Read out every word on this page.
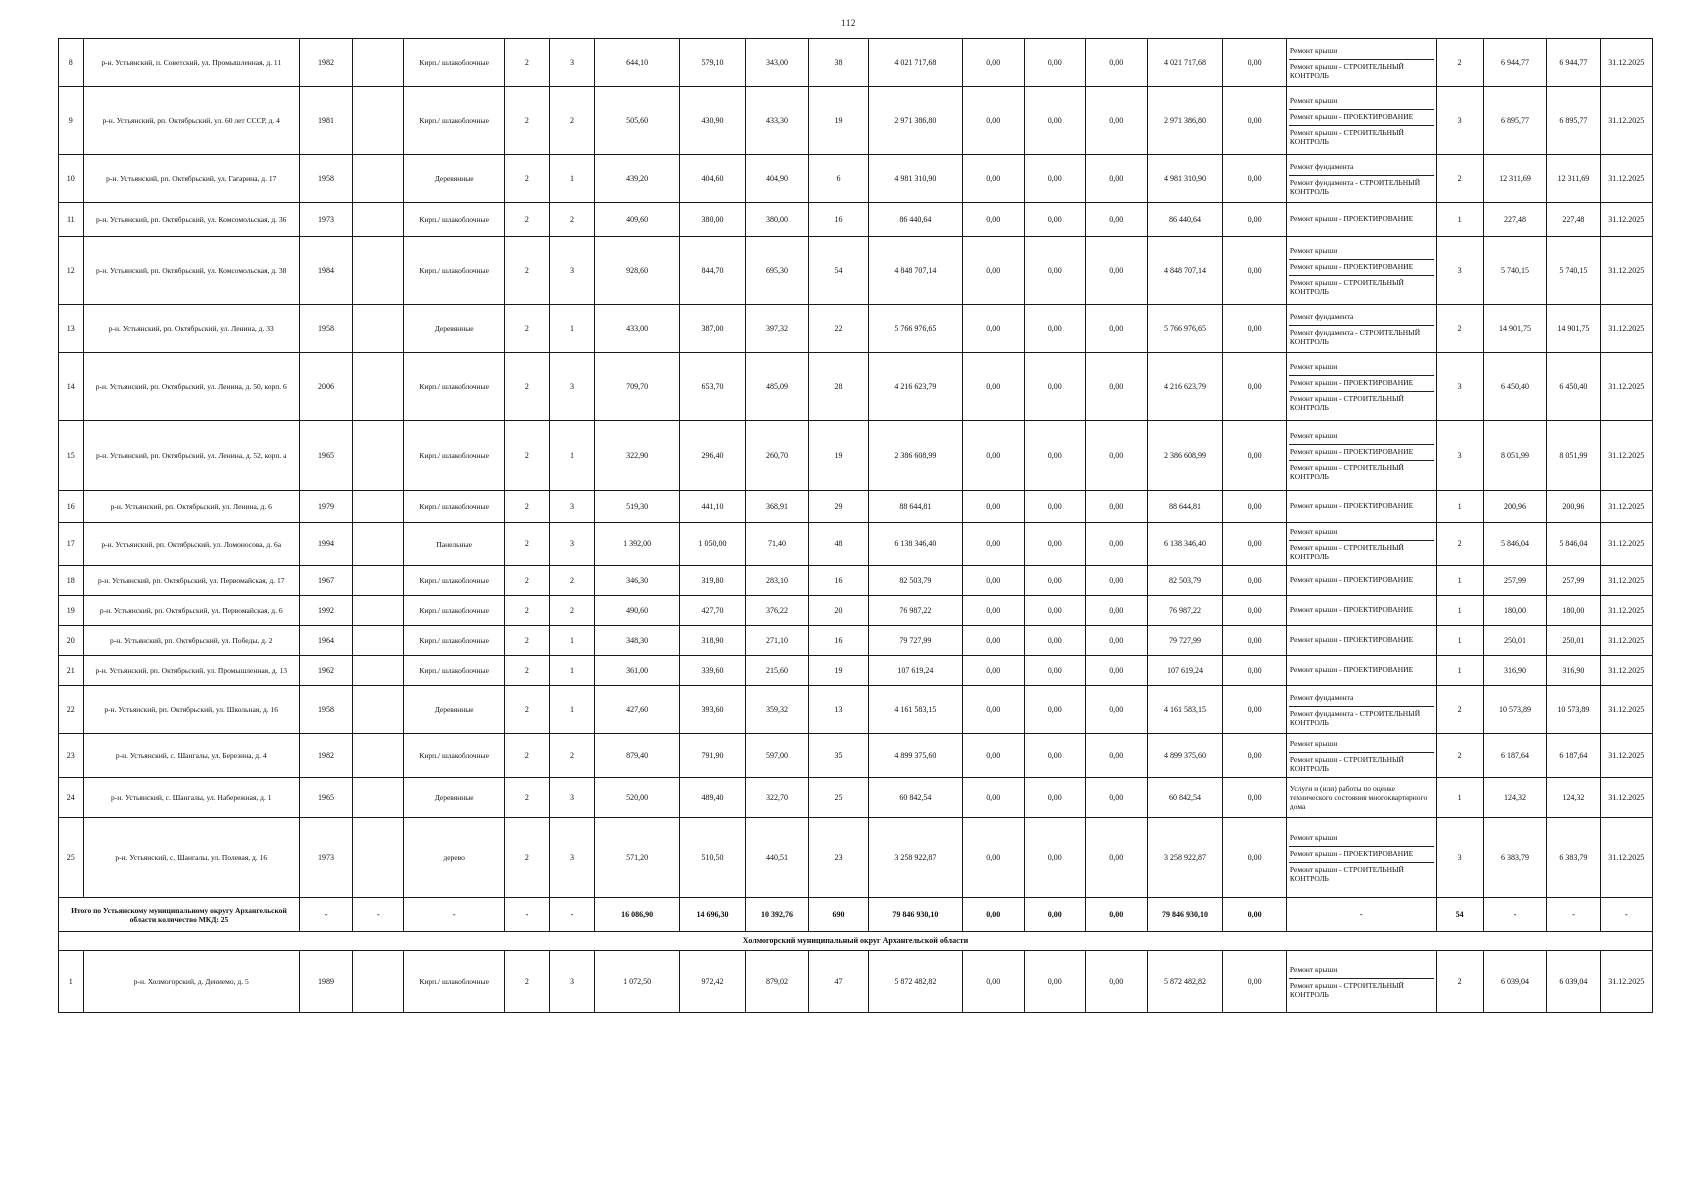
112
8	р-н. Устьянский, п. Советский, ул. Промышленная, д. 11	1982		Кирп./ шлакоблочные	2	3	644,10	579,10	343,00	38	4 021 717,68	0,00	0,00	0,00	4 021 717,68	0,00	Ремонт крыши
Ремонт крыши - СТРОИТЕЛЬНЫЙ КОНТРОЛЬ	2	6 944,77	6 944,77	31.12.2025
9	р-н. Устьянский, рп. Октябрьский, ул. 60 лет СССР, д. 4	1981		Кирп./ шлакоблочные	2	2	505,60	430,90	433,30	19	2 971 386,80	0,00	0,00	0,00	2 971 386,80	0,00	Ремонт крыши
Ремонт крыши - ПРОЕКТИРОВАНИЕ
Ремонт крыши - СТРОИТЕЛЬНЫЙ КОНТРОЛЬ	3	6 895,77	6 895,77	31.12.2025
10	р-н. Устьянский, рп. Октябрьский, ул. Гагарина, д. 17	1958		Деревянные	2	1	439,20	404,60	404,90	6	4 981 310,90	0,00	0,00	0,00	4 981 310,90	0,00	Ремонт фундамента
Ремонт фундамента - СТРОИТЕЛЬНЫЙ КОНТРОЛЬ	2	12 311,69	12 311,69	31.12.2025
11	р-н. Устьянский, рп. Октябрьский, ул. Комсомольская, д. 36	1973		Кирп./ шлакоблочные	2	2	409,60	380,00	380,00	16	86 440,64	0,00	0,00	0,00	86 440,64	0,00	Ремонт крыши - ПРОЕКТИРОВАНИЕ	1	227,48	227,48	31.12.2025
12	р-н. Устьянский, рп. Октябрьский, ул. Комсомольская, д. 38	1984		Кирп./ шлакоблочные	2	3	928,60	844,70	695,30	54	4 848 707,14	0,00	0,00	0,00	4 848 707,14	0,00	Ремонт крыши
Ремонт крыши - ПРОЕКТИРОВАНИЕ
Ремонт крыши - СТРОИТЕЛЬНЫЙ КОНТРОЛЬ	3	5 740,15	5 740,15	31.12.2025
13	р-н. Устьянский, рп. Октябрьский, ул. Ленина, д. 33	1958		Деревянные	2	1	433,00	387,00	397,32	22	5 766 976,65	0,00	0,00	0,00	5 766 976,65	0,00	Ремонт фундамента
Ремонт фундамента - СТРОИТЕЛЬНЫЙ КОНТРОЛЬ	2	14 901,75	14 901,75	31.12.2025
14	р-н. Устьянский, рп. Октябрьский, ул. Ленина, д. 50, корп. 6	2006		Кирп./ шлакоблочные	2	3	709,70	653,70	485,09	28	4 216 623,79	0,00	0,00	0,00	4 216 623,79	0,00	Ремонт крыши
Ремонт крыши - ПРОЕКТИРОВАНИЕ
Ремонт крыши - СТРОИТЕЛЬНЫЙ КОНТРОЛЬ	3	6 450,40	6 450,40	31.12.2025
15	р-н. Устьянский, рп. Октябрьский, ул. Ленина, д. 52, корп. а	1965		Кирп./ шлакоблочные	2	1	322,90	296,40	260,70	19	2 386 608,99	0,00	0,00	0,00	2 386 608,99	0,00	Ремонт крыши
Ремонт крыши - ПРОЕКТИРОВАНИЕ
Ремонт крыши - СТРОИТЕЛЬНЫЙ КОНТРОЛЬ	3	8 051,99	8 051,99	31.12.2025
16	р-н. Устьянский, рп. Октябрьский, ул. Ленина, д. 6	1979		Кирп./ шлакоблочные	2	3	519,30	441,10	368,91	29	88 644,81	0,00	0,00	0,00	88 644,81	0,00	Ремонт крыши - ПРОЕКТИРОВАНИЕ	1	200,96	200,96	31.12.2025
17	р-н. Устьянский, рп. Октябрьский, ул. Ломоносова, д. 6а	1994		Панельные	2	3	1 392,00	1 050,00	71,40	48	6 138 346,40	0,00	0,00	0,00	6 138 346,40	0,00	Ремонт крыши
Ремонт крыши - СТРОИТЕЛЬНЫЙ КОНТРОЛЬ	2	5 846,04	5 846,04	31.12.2025
18	р-н. Устьянский, рп. Октябрьский, ул. Первомайская, д. 17	1967		Кирп./ шлакоблочные	2	2	346,30	319,80	283,10	16	82 503,79	0,00	0,00	0,00	82 503,79	0,00	Ремонт крыши - ПРОЕКТИРОВАНИЕ	1	257,99	257,99	31.12.2025
19	р-н. Устьянский, рп. Октябрьский, ул. Первомайская, д. 6	1992		Кирп./ шлакоблочные	2	2	490,60	427,70	376,22	20	76 987,22	0,00	0,00	0,00	76 987,22	0,00	Ремонт крыши - ПРОЕКТИРОВАНИЕ	1	180,00	180,00	31.12.2025
20	р-н. Устьянский, рп. Октябрьский, ул. Победы, д. 2	1964		Кирп./ шлакоблочные	2	1	348,30	318,90	271,10	16	79 727,99	0,00	0,00	0,00	79 727,99	0,00	Ремонт крыши - ПРОЕКТИРОВАНИЕ	1	250,01	250,01	31.12.2025
21	р-н. Устьянский, рп. Октябрьский, ул. Промышленная, д. 13	1962		Кирп./ шлакоблочные	2	1	361,00	339,60	215,60	19	107 619,24	0,00	0,00	0,00	107 619,24	0,00	Ремонт крыши - ПРОЕКТИРОВАНИЕ	1	316,90	316,90	31.12.2025
22	р-н. Устьянский, рп. Октябрьский, ул. Школьная, д. 16	1958		Деревянные	2	1	427,60	393,60	359,32	13	4 161 583,15	0,00	0,00	0,00	4 161 583,15	0,00	Ремонт фундамента
Ремонт фундамента - СТРОИТЕЛЬНЫЙ КОНТРОЛЬ	2	10 573,89	10 573,89	31.12.2025
23	р-н. Устьянский, с. Шангалы, ул. Березина, д. 4	1982		Кирп./ шлакоблочные	2	2	879,40	791,90	597,00	35	4 899 375,60	0,00	0,00	0,00	4 899 375,60	0,00	Ремонт крыши
Ремонт крыши - СТРОИТЕЛЬНЫЙ КОНТРОЛЬ	2	6 187,64	6 187,64	31.12.2025
24	р-н. Устьянский, с. Шангалы, ул. Набережная, д. 1	1965		Деревянные	2	3	520,00	489,40	322,70	25	60 842,54	0,00	0,00	0,00	60 842,54	0,00	Услуги и (или) работы по оценке технического состояния многоквартирного дома	1	124,32	124,32	31.12.2025
25	р-н. Устьянский, с. Шангалы, ул. Полевая, д. 16	1973		дерево	2	3	571,20	510,50	440,51	23	3 258 922,87	0,00	0,00	0,00	3 258 922,87	0,00	Ремонт крыши
Ремонт крыши - ПРОЕКТИРОВАНИЕ
Ремонт крыши - СТРОИТЕЛЬНЫЙ КОНТРОЛЬ	3	6 383,79	6 383,79	31.12.2025
Итого по Устьянскому муниципальному округу Архангельской области количество МКД: 25		-	-	-	-	-	16 086,90	14 696,30	10 392,76	690	79 846 930,10	0,00	0,00	0,00	79 846 930,10	0,00	-	54	-	-	-
Холмогорский муниципальный округ Архангельской области																					
1	р-н. Холмогорский, д. Дениемо, д. 5	1989		Кирп./ шлакоблочные	2	3	1 072,50	972,42	879,02	47	5 872 482,82	0,00	0,00	0,00	5 872 482,82	0,00	Ремонт крыши
Ремонт крыши - СТРОИТЕЛЬНЫЙ КОНТРОЛЬ	2	6 039,04	6 039,04	31.12.2025
